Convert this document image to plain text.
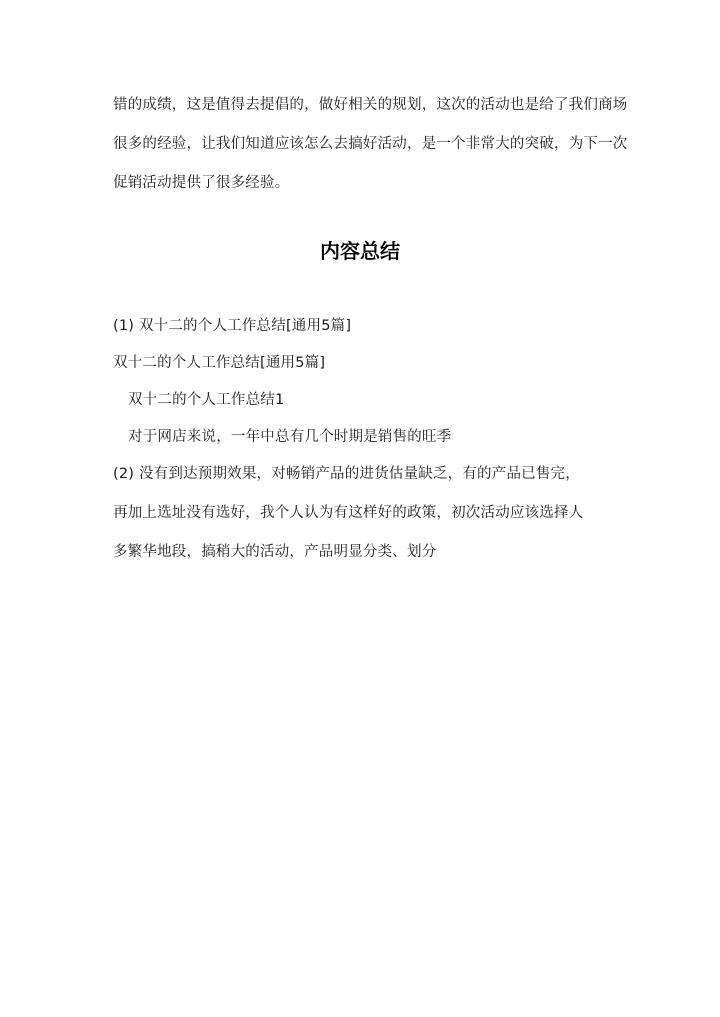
错的成绩，这是值得去提倡的，做好相关的规划，这次的活动也是给了我们商场
很多的经验，让我们知道应该怎么去搞好活动，是一个非常大的突破，为下一次
促销活动提供了很多经验。
内容总结
(1) 双十二的个人工作总结[通用5篇]
双十二的个人工作总结[通用5篇]
双十二的个人工作总结1
对于网店来说，一年中总有几个时期是销售的旺季
(2) 没有到达预期效果，对畅销产品的进货估量缺乏，有的产品已售完，
再加上选址没有选好，我个人认为有这样好的政策，初次活动应该选择人
多繁华地段，搞稍大的活动，产品明显分类、划分
